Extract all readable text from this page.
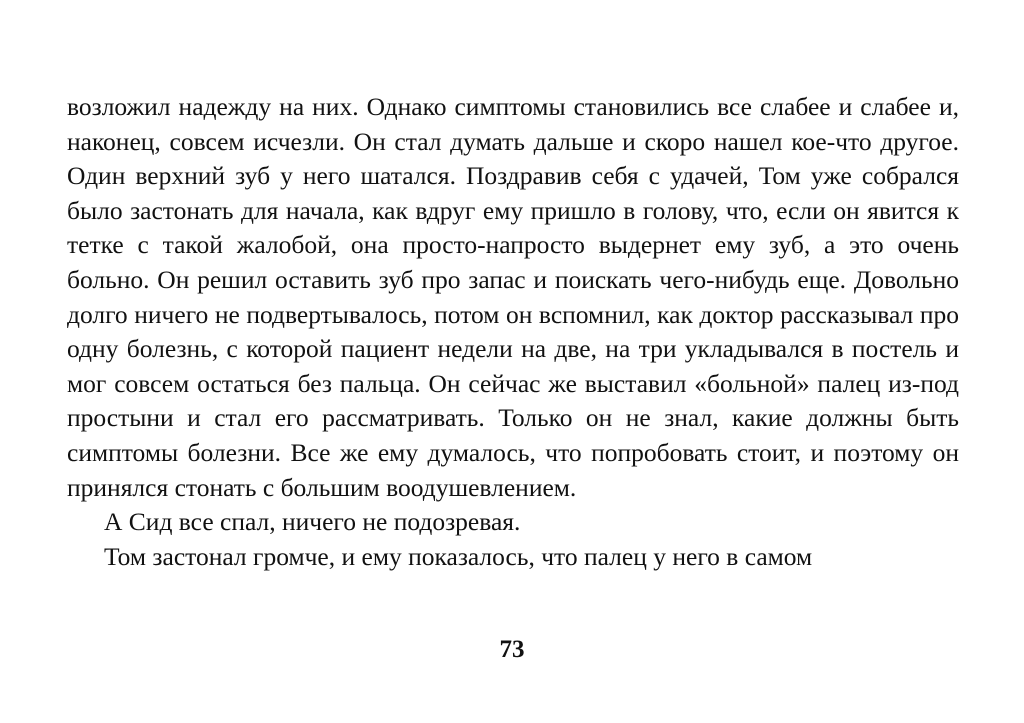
возложил надежду на них. Однако симптомы становились все слабее и слабее и, наконец, совсем исчезли. Он стал думать дальше и скоро нашел кое-что другое. Один верхний зуб у него шатался. Поздравив себя с удачей, Том уже собрался было застонать для начала, как вдруг ему пришло в голову, что, если он явится к тетке с такой жалобой, она просто-напросто выдернет ему зуб, а это очень больно. Он решил оставить зуб про запас и поискать чего-нибудь еще. Довольно долго ничего не подвертывалось, потом он вспомнил, как доктор рассказывал про одну болезнь, с которой пациент недели на две, на три укладывался в постель и мог совсем остаться без пальца. Он сейчас же выставил «больной» палец из-под простыни и стал его рассматривать. Только он не знал, какие должны быть симптомы болезни. Все же ему думалось, что попробовать стоит, и поэтому он принялся стонать с большим воодушевлением.

А Сид все спал, ничего не подозревая.

Том застонал громче, и ему показалось, что палец у него в самом

73
